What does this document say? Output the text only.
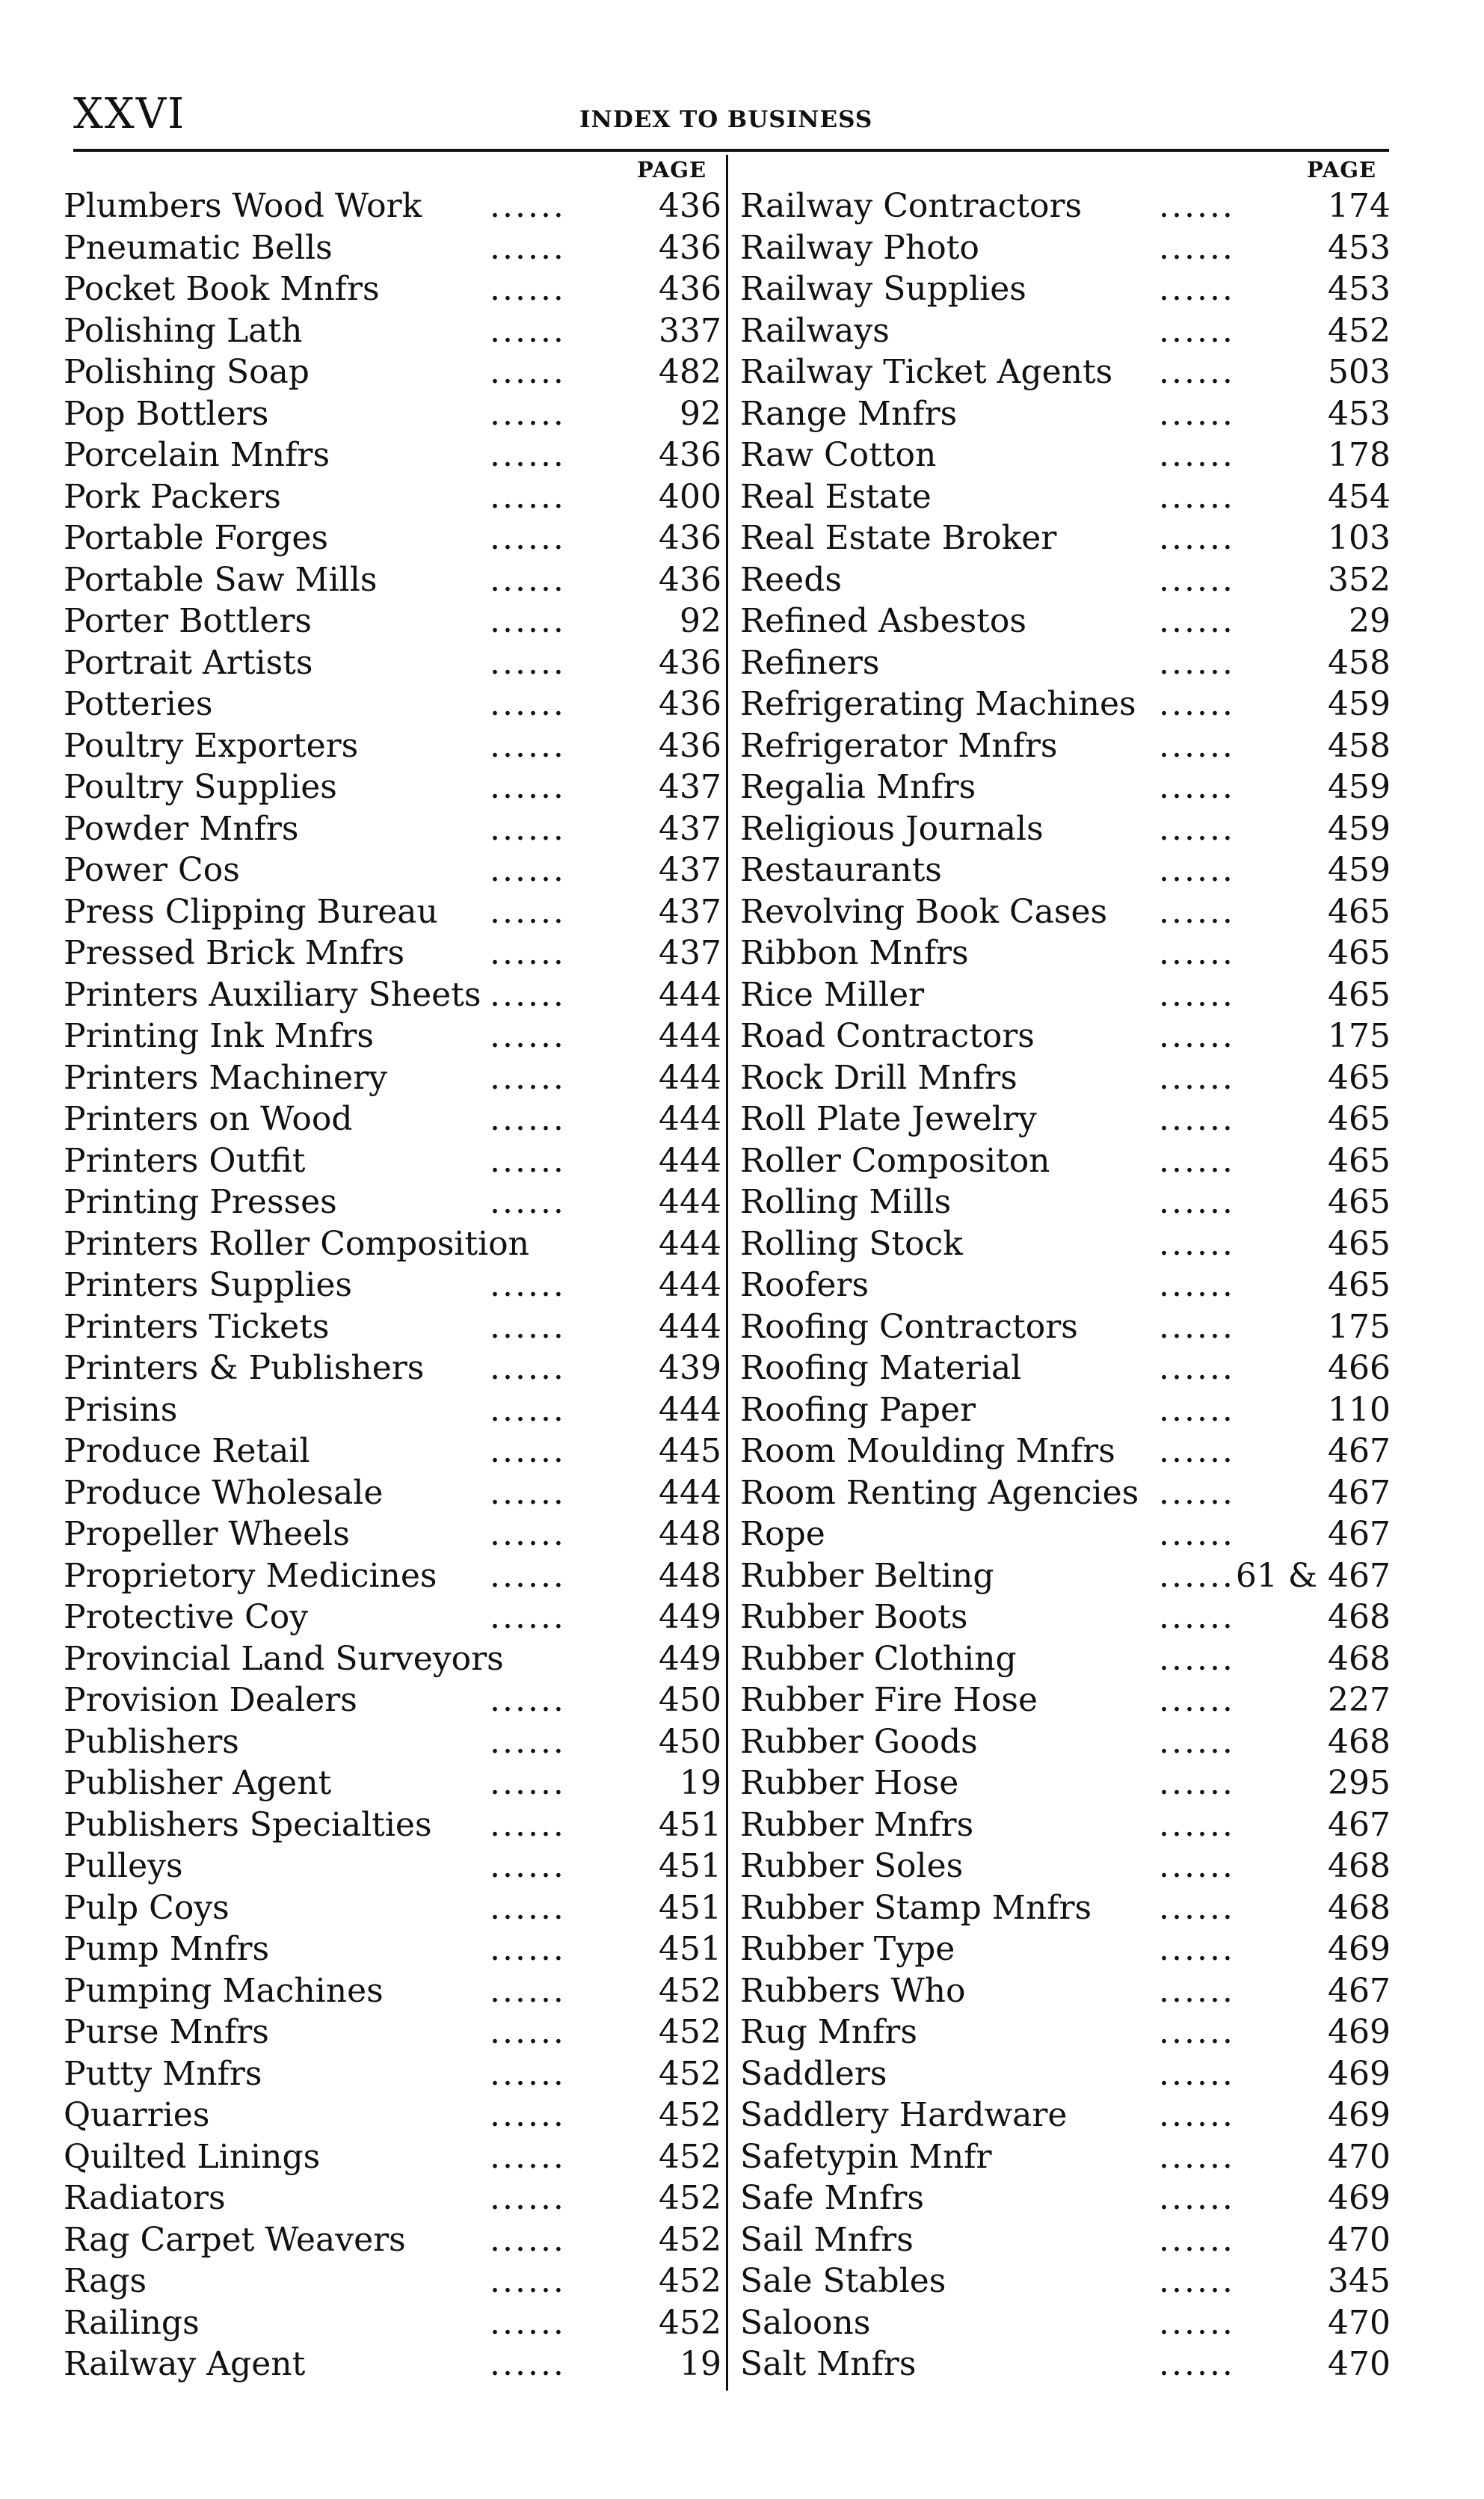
XXVI	INDEX TO BUSINESS
PAGE	PAGE
Plumbers Wood Work ......	436
Pneumatic Bells	......	436
Pocket Book Mnfrs	......	436
Polishing Lath	......	337
Polishing Soap	......	482
Pop Bottlers	......	92
Porcelain Mnfrs	......	436
Pork Packers	......	400
Portable Forges	......	436
Portable Saw Mills	......	436
Porter Bottlers	......	92
Portrait Artists	......	436
Potteries	......	436
Poultry Exporters	......	436
Poultry Supplies	......	437
Powder Mnfrs	......	437
Power Cos	......	437
Press Clipping Bureau ......	437
Pressed Brick Mnfrs	......	437
Printers Auxiliary Sheets ......	444
Printing Ink Mnfrs	......	444
Printers Machinery	......	444
Printers on Wood	......	444
Printers Outfit	......	444
Printing Presses	......	444
Printers Roller Composition	444
Printers Supplies	......	444
Printers Tickets	......	444
Printers & Publishers ......	439
Prisins	......	444
Produce Retail	......	445
Produce Wholesale	......	444
Propeller Wheels	......	448
Proprietory Medicines ......	448
Protective Coy	......	449
Provincial Land Surveyors	449
Provision Dealers	......	450
Publishers	......	450
Publisher Agent	......	19
Publishers Specialties ......	451
Pulleys	......	451
Pulp Coys	......	451
Pump Mnfrs	......	451
Pumping Machines	......	452
Purse Mnfrs	......	452
Putty Mnfrs	......	452
Quarries	......	452
Quilted Linings	......	452
Radiators	......	452
Rag Carpet Weavers	......	452
Rags	......	452
Railings	......	452
Railway Agent	......	19
Railway Contractors ......	174
Railway Photo	......	453
Railway Supplies	......	453
Railways	......	452
Railway Ticket Agents ......	503
Range Mnfrs	......	453
Raw Cotton	......	178
Real Estate	......	454
Real Estate Broker	......	103
Reeds	......	352
Refined Asbestos	......	29
Refiners	......	458
Refrigerating Machines ......	459
Refrigerator Mnfrs	......	458
Regalia Mnfrs	......	459
Religious Journals	......	459
Restaurants	......	459
Revolving Book Cases ......	465
Ribbon Mnfrs	......	465
Rice Miller	......	465
Road Contractors	......	175
Rock Drill Mnfrs	......	465
Roll Plate Jewelry	......	465
Roller Compositon	......	465
Rolling Mills	......	465
Rolling Stock	......	465
Roofers	......	465
Roofing Contractors ......	175
Roofing Material	......	466
Roofing Paper	......	110
Room Moulding Mnfrs ......	467
Room Renting Agencies ......	467
Rope	......	467
Rubber Belting	...... 61 & 467
Rubber Boots	......	468
Rubber Clothing	......	468
Rubber Fire Hose	......	227
Rubber Goods	......	468
Rubber Hose	......	295
Rubber Mnfrs	......	467
Rubber Soles	......	468
Rubber Stamp Mnfrs ......	468
Rubber Type	......	469
Rubbers Who	......	467
Rug Mnfrs	......	469
Saddlers	......	469
Saddlery Hardware	......	469
Safetypin Mnfr	......	470
Safe Mnfrs	......	469
Sail Mnfrs	......	470
Sale Stables	......	345
Saloons	......	470
Salt Mnfrs	......	470
